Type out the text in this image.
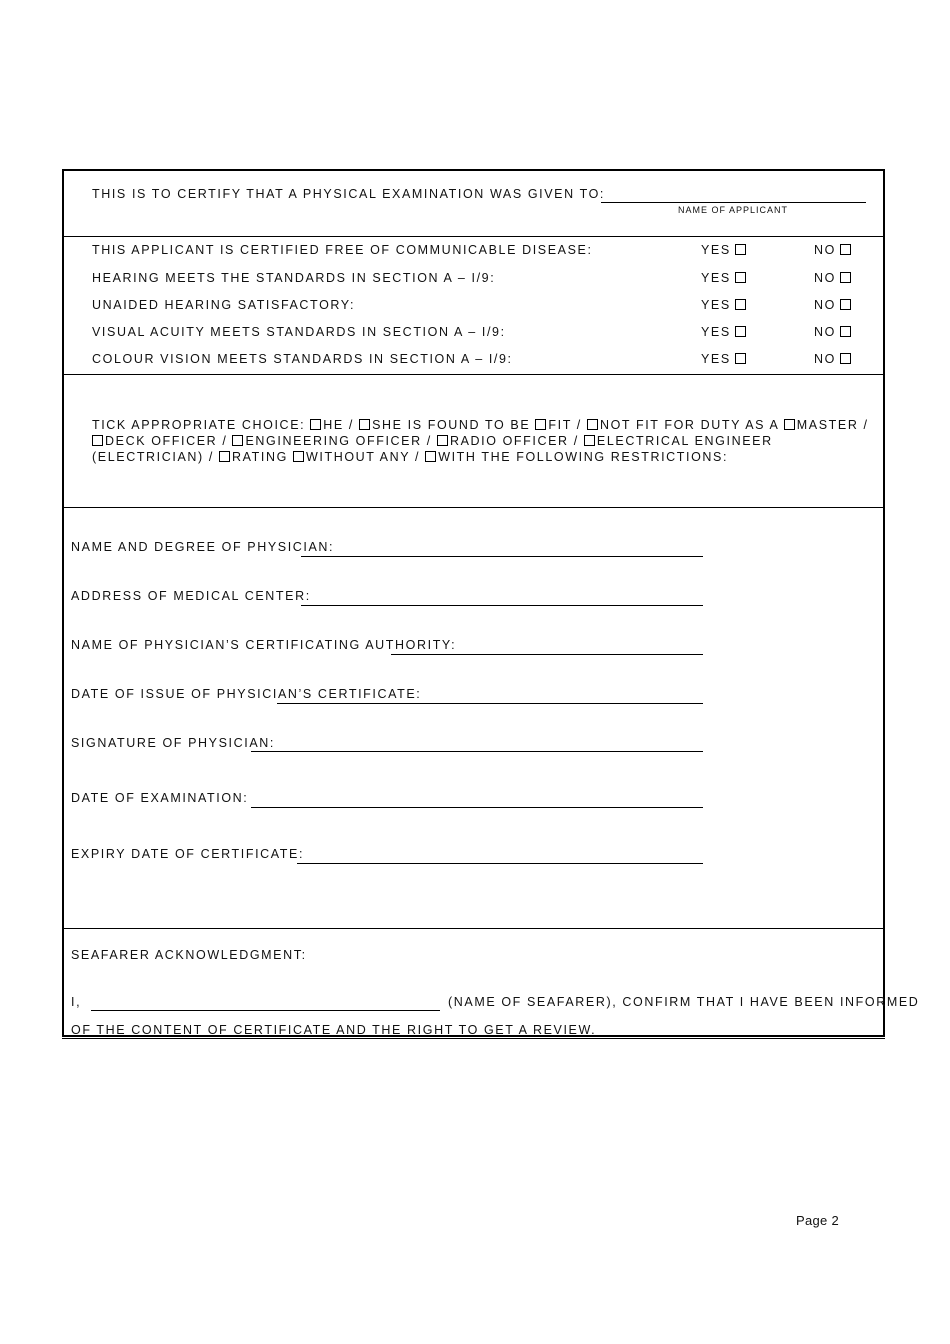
THIS IS TO CERTIFY THAT A PHYSICAL EXAMINATION WAS GIVEN TO:
NAME OF APPLICANT
THIS APPLICANT IS CERTIFIED FREE OF COMMUNICABLE DISEASE:	YES	NO
HEARING MEETS THE STANDARDS IN SECTION A – I/9:	YES	NO
UNAIDED HEARING SATISFACTORY:	YES	NO
VISUAL ACUITY MEETS STANDARDS IN SECTION A – I/9:	YES	NO
COLOUR VISION MEETS STANDARDS IN SECTION A – I/9:	YES	NO
TICK APPROPRIATE CHOICE: HE / SHE IS FOUND TO BE FIT / NOT FIT FOR DUTY AS A MASTER / DECK OFFICER / ENGINEERING OFFICER / RADIO OFFICER / ELECTRICAL ENGINEER (ELECTRICIAN) / RATING WITHOUT ANY / WITH THE FOLLOWING RESTRICTIONS:
NAME AND DEGREE OF PHYSICIAN:
ADDRESS OF MEDICAL CENTER:
NAME OF PHYSICIAN’S CERTIFICATING AUTHORITY:
DATE OF ISSUE OF PHYSICIAN’S CERTIFICATE:
SIGNATURE OF PHYSICIAN:
DATE OF EXAMINATION:
EXPIRY DATE OF CERTIFICATE:
SEAFARER ACKNOWLEDGMENT:
I,	(NAME OF SEAFARER), CONFIRM THAT I HAVE BEEN INFORMED
OF THE CONTENT OF CERTIFICATE AND THE RIGHT TO GET A REVIEW.
Page 2
